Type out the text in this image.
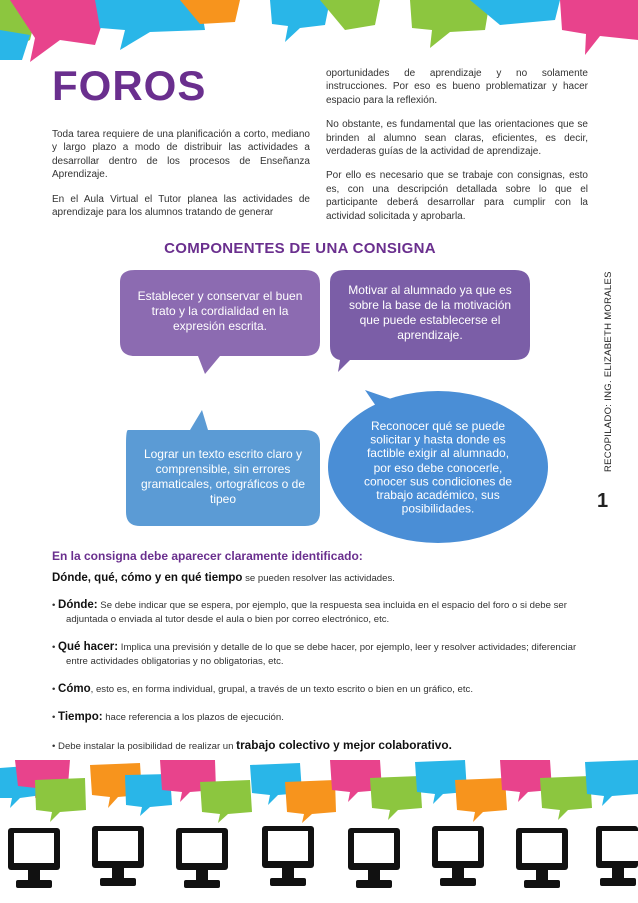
FOROS

Toda tarea requiere de una planificación a corto, mediano y largo plazo a modo de distribuir las actividades a desarrollar dentro de los procesos de Enseñanza Aprendizaje.

En el Aula Virtual el Tutor planea las actividades de aprendizaje para los alumnos tratando de generar

oportunidades de aprendizaje y no solamente instrucciones. Por eso es bueno problematizar y hacer espacio para la reflexión.

No obstante, es fundamental que las orientaciones que se brinden al alumno sean claras, eficientes, es decir, verdaderas guías de la actividad de aprendizaje.

Por ello es necesario que se trabaje con consignas, esto es, con una descripción detallada sobre lo que el participante deberá desarrollar para cumplir con la actividad solicitada y aprobarla.

COMPONENTES DE UNA CONSIGNA
RECOPILADO: ING. ELIZABETH MORALES
1
Establecer y conservar el buen trato y la cordialidad en la expresión escrita.
Motivar al alumnado ya que es sobre la base de la motivación que puede establecerse el aprendizaje.
Lograr un texto escrito claro y comprensible, sin errores gramaticales, ortográficos o de tipeo
Reconocer qué se puede solicitar y hasta donde es factible exigir al alumnado, por eso debe conocerle, conocer sus condiciones de trabajo académico, sus posibilidades.
En la consigna debe aparecer claramente identificado:
Dónde, qué, cómo y en qué tiempo se pueden resolver las actividades.
• Dónde: Se debe indicar que se espera, por ejemplo, que la respuesta sea incluida en el espacio del foro o si debe ser adjuntada o enviada al tutor desde el aula o bien por correo electrónico, etc.
• Qué hacer: Implica una previsión y detalle de lo que se debe hacer, por ejemplo, leer y resolver actividades; diferenciar entre actividades obligatorias y no obligatorias, etc.
• Cómo, esto es, en forma individual, grupal, a través de un texto escrito o bien en un gráfico, etc.
• Tiempo: hace referencia a los plazos de ejecución.
• Debe instalar la posibilidad de realizar un trabajo colectivo y mejor colaborativo.
